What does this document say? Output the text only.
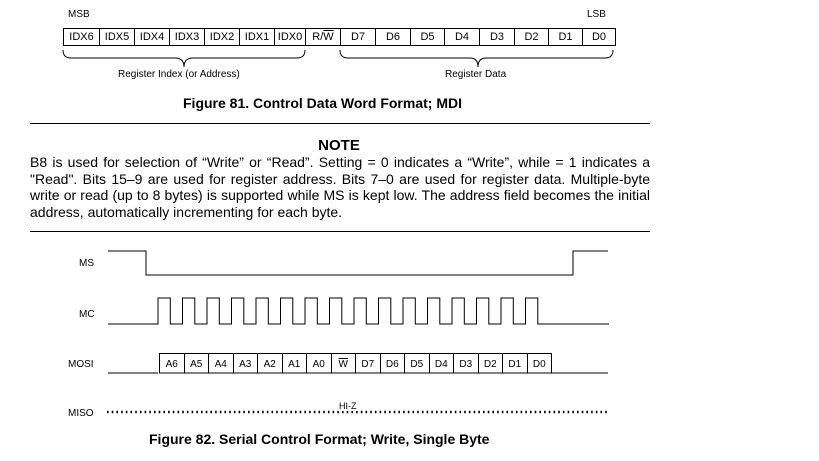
MSB	LSB
IDX6	IDX5 IDX4 IDX3 IDX2 IDX1 IDX0 $R/\overline{W}$	D7	D6	D5	D4	D3	D2	D1	D0
Register Index (or Address)	Register Data
Figure 81. Control Data Word Format; MDI
NOTE
B8 is used for selection of “Write” or “Read”. Setting = 0 indicates a “Write”, while = 1 indicates a "Read". Bits 15–9 are used for register address. Bits 7–0 are used for register data. Multiple-byte write or read (up to 8 bytes) is supported while MS is kept low. The address field becomes the initial address, automatically incrementing for each byte.
MS
MC
MOSI
MISO
A6	A5	A4	A3	A2	A1	A0	$\overline{W}$	D7	D6	D5	D4	D3	D2	D1	D0
HI-Z
Figure 82. Serial Control Format; Write, Single Byte
